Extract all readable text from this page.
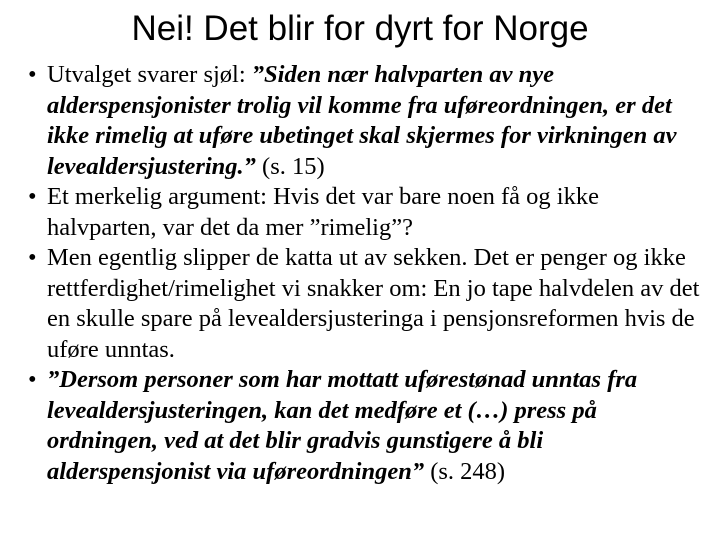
Nei! Det blir for dyrt for Norge
• Utvalget svarer sjøl: ”Siden nær halvparten av nye alderspensjonister trolig vil komme fra uføreordningen, er det ikke rimelig at uføre ubetinget skal skjermes for virkningen av levealdersjustering.” (s. 15)
• Et merkelig argument: Hvis det var bare noen få og ikke halvparten, var det da mer ”rimelig”?
• Men egentlig slipper de katta ut av sekken. Det er penger og ikke rettferdighet/rimelighet vi snakker om: En jo tape halvdelen av det en skulle spare på levealdersjusteringa i pensjonsreformen hvis de uføre unntas.
• ”Dersom personer som har mottatt uførestønad unntas fra levealdersjusteringen, kan det medføre et (…) press på ordningen, ved at det blir gradvis gunstigere å bli alderspensjonist via uføreordningen” (s. 248)
